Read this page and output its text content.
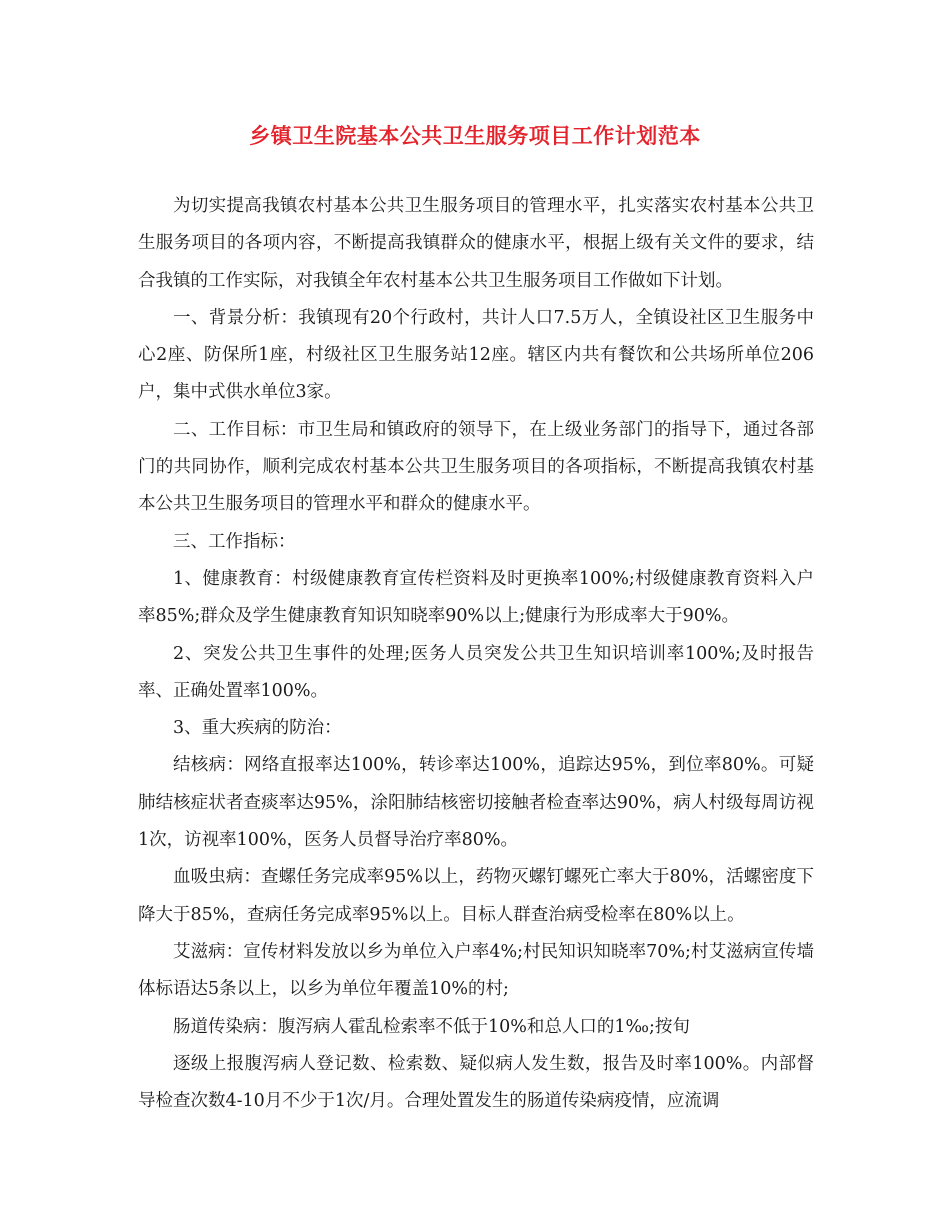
乡镇卫生院基本公共卫生服务项目工作计划范本

为切实提高我镇农村基本公共卫生服务项目的管理水平，扎实落实农村基本公共卫生服务项目的各项内容，不断提高我镇群众的健康水平，根据上级有关文件的要求，结合我镇的工作实际，对我镇全年农村基本公共卫生服务项目工作做如下计划。

一、背景分析：我镇现有20个行政村，共计人口7.5万人，全镇设社区卫生服务中心2座、防保所1座，村级社区卫生服务站12座。辖区内共有餐饮和公共场所单位206户，集中式供水单位3家。

二、工作目标：市卫生局和镇政府的领导下，在上级业务部门的指导下，通过各部门的共同协作，顺利完成农村基本公共卫生服务项目的各项指标，不断提高我镇农村基本公共卫生服务项目的管理水平和群众的健康水平。

三、工作指标：

1、健康教育：村级健康教育宣传栏资料及时更换率100%;村级健康教育资料入户率85%;群众及学生健康教育知识知晓率90%以上;健康行为形成率大于90%。

2、突发公共卫生事件的处理;医务人员突发公共卫生知识培训率100%;及时报告率、正确处置率100%。

3、重大疾病的防治：

结核病：网络直报率达100%，转诊率达100%，追踪达95%，到位率80%。可疑肺结核症状者查痰率达95%，涂阳肺结核密切接触者检查率达90%，病人村级每周访视1次，访视率100%，医务人员督导治疗率80%。

血吸虫病：查螺任务完成率95%以上，药物灭螺钉螺死亡率大于80%，活螺密度下降大于85%，查病任务完成率95%以上。目标人群查治病受检率在80%以上。

艾滋病：宣传材料发放以乡为单位入户率4%;村民知识知晓率70%;村艾滋病宣传墙体标语达5条以上，以乡为单位年覆盖10%的村;

肠道传染病：腹泻病人霍乱检索率不低于10%和总人口的1‰;按旬

逐级上报腹泻病人登记数、检索数、疑似病人发生数，报告及时率100%。内部督导检查次数4-10月不少于1次/月。合理处置发生的肠道传染病疫情，应流调
